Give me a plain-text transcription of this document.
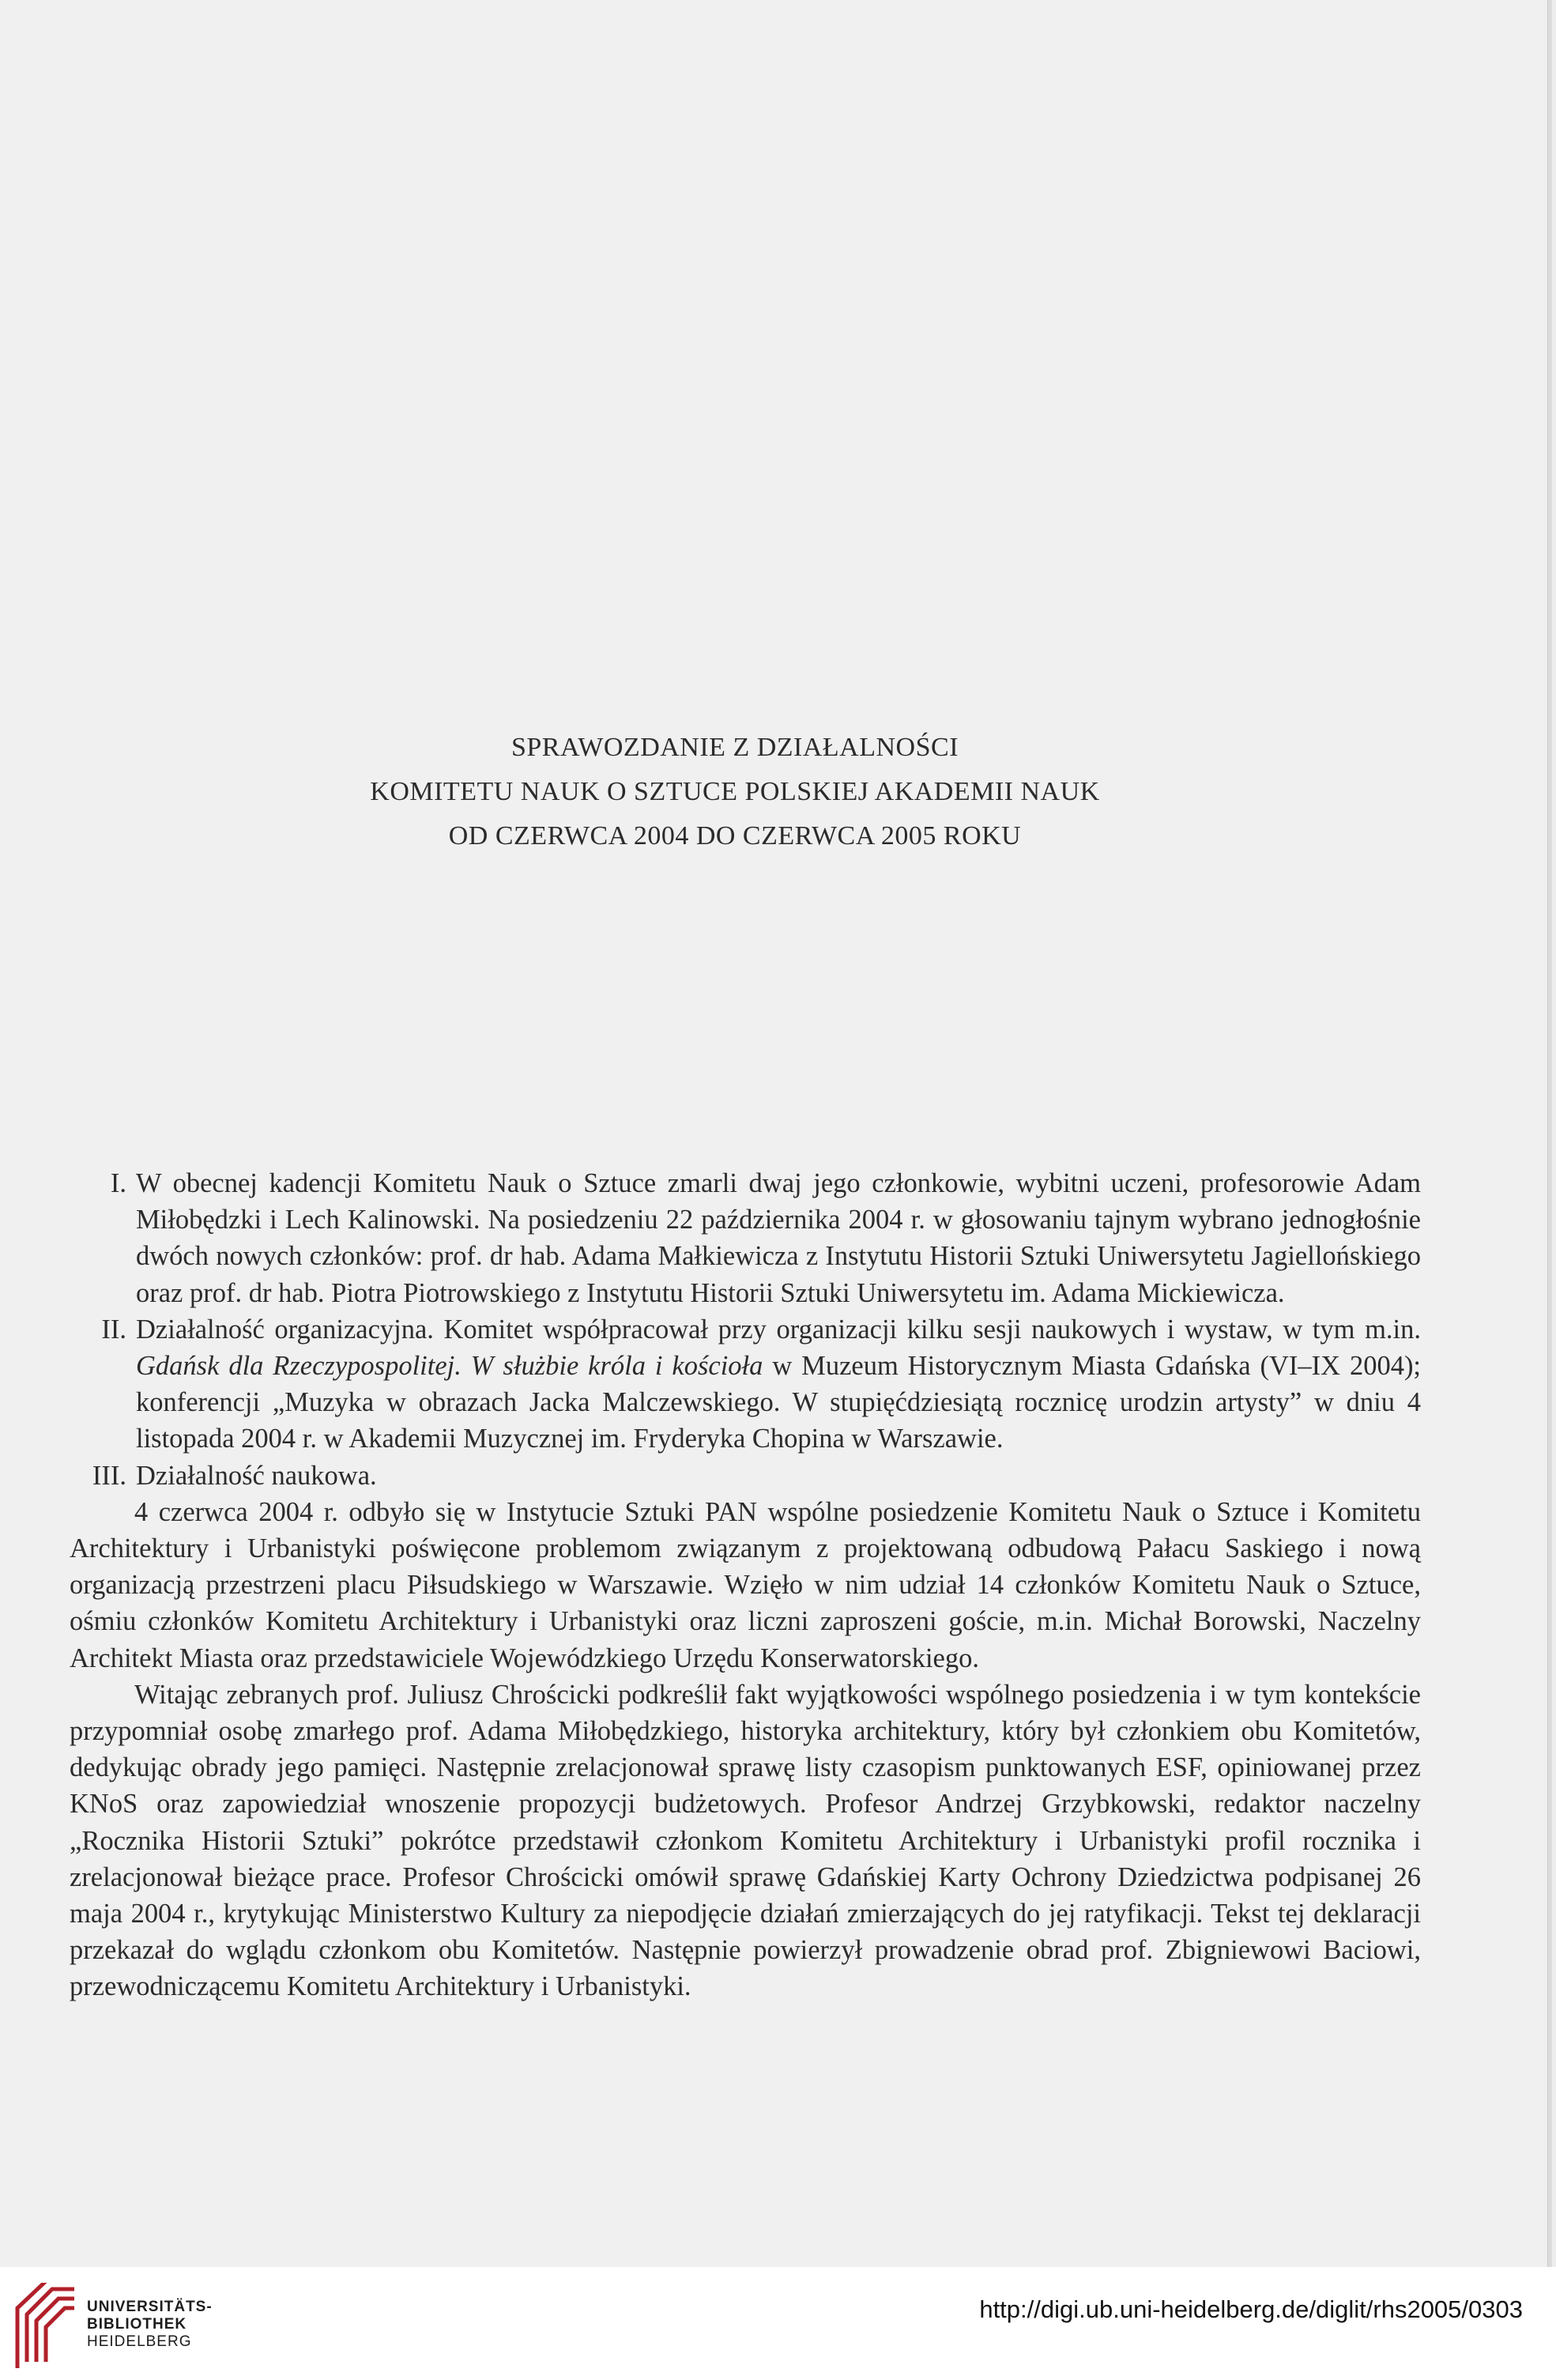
SPRAWOZDANIE Z DZIAŁALNOŚCI
KOMITETU NAUK O SZTUCE POLSKIEJ AKADEMII NAUK
OD CZERWCA 2004 DO CZERWCA 2005 ROKU
I. W obecnej kadencji Komitetu Nauk o Sztuce zmarli dwaj jego członkowie, wybitni uczeni, profesorowie Adam Miłobędzki i Lech Kalinowski. Na posiedzeniu 22 października 2004 r. w głosowaniu tajnym wybrano jednogłośnie dwóch nowych członków: prof. dr hab. Adama Małkiewicza z Instytutu Historii Sztuki Uniwersytetu Jagiellońskiego oraz prof. dr hab. Piotra Piotrowskiego z Instytutu Historii Sztuki Uniwersytetu im. Adama Mickiewicza.

II. Działalność organizacyjna. Komitet współpracował przy organizacji kilku sesji naukowych i wystaw, w tym m.in. Gdańsk dla Rzeczypospolitej. W służbie króla i kościoła w Muzeum Historycznym Miasta Gdańska (VI–IX 2004); konferencji „Muzyka w obrazach Jacka Malczewskiego. W stupięćdziesiątą rocznicę urodzin artysty” w dniu 4 listopada 2004 r. w Akademii Muzycznej im. Fryderyka Chopina w Warszawie.

III. Działalność naukowa.

4 czerwca 2004 r. odbyło się w Instytucie Sztuki PAN wspólne posiedzenie Komitetu Nauk o Sztuce i Komitetu Architektury i Urbanistyki poświęcone problemom związanym z projektowaną odbudową Pałacu Saskiego i nową organizacją przestrzeni placu Piłsudskiego w Warszawie. Wzięło w nim udział 14 członków Komitetu Nauk o Sztuce, ośmiu członków Komitetu Architektury i Urbanistyki oraz liczni zaproszeni goście, m.in. Michał Borowski, Naczelny Architekt Miasta oraz przedstawiciele Wojewódzkiego Urzędu Konserwatorskiego.

Witając zebranych prof. Juliusz Chrościcki podkreślił fakt wyjątkowości wspólnego posiedzenia i w tym kontekście przypomniał osobę zmarłego prof. Adama Miłobędzkiego, historyka architektury, który był członkiem obu Komitetów, dedykując obrady jego pamięci. Następnie zrelacjonował sprawę listy czasopism punktowanych ESF, opiniowanej przez KNoS oraz zapowiedział wnoszenie propozycji budżetowych. Profesor Andrzej Grzybkowski, redaktor naczelny „Rocznika Historii Sztuki” pokrótce przedstawił członkom Komitetu Architektury i Urbanistyki profil rocznika i zrelacjonował bieżące prace. Profesor Chrościcki omówił sprawę Gdańskiej Karty Ochrony Dziedzictwa podpisanej 26 maja 2004 r., krytykując Ministerstwo Kultury za niepodjęcie działań zmierzających do jej ratyfikacji. Tekst tej deklaracji przekazał do wglądu członkom obu Komitetów. Następnie powierzył prowadzenie obrad prof. Zbigniewowi Baciowi, przewodniczącemu Komitetu Architektury i Urbanistyki.

UNIVERSITÄTS-
BIBLIOTHEK
HEIDELBERG
http://digi.ub.uni-heidelberg.de/diglit/rhs2005/0303
